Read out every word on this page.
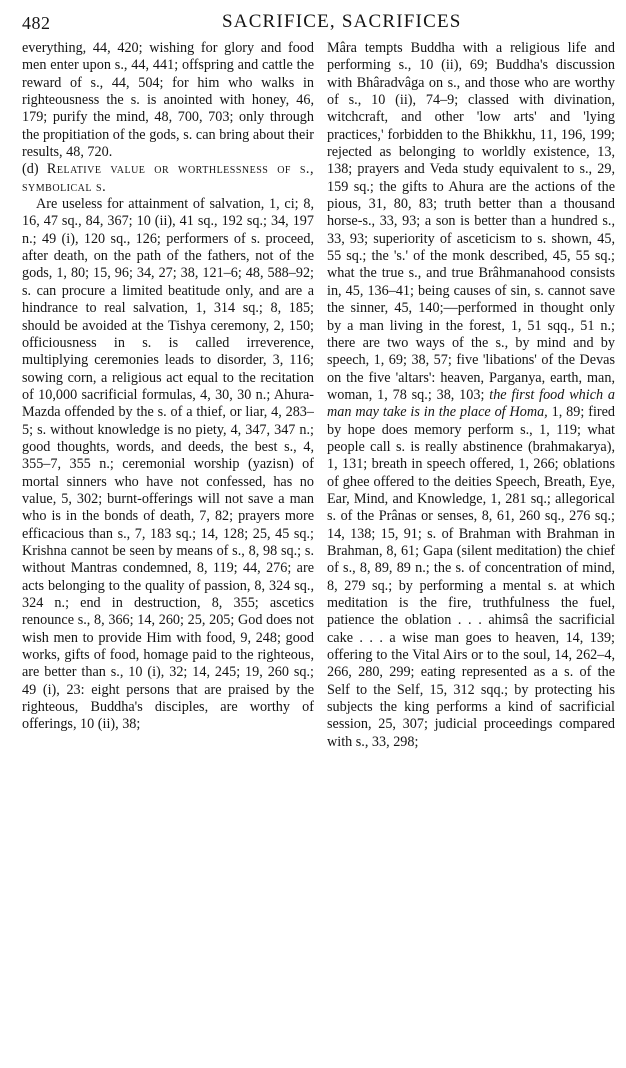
482	SACRIFICE, SACRIFICES

everything, 44, 420; wishing for glory and food men enter upon s., 44, 441; offspring and cattle the reward of s., 44, 504; for him who walks in righteousness the s. is anointed with honey, 46, 179; purify the mind, 48, 700, 703; only through the propitiation of the gods, s. can bring about their results, 48, 720.

(d) Relative value or worthlessness of s., symbolical s.

Are useless for attainment of salvation, 1, ci; 8, 16, 47 sq., 84, 367; 10 (ii), 41 sq., 192 sq.; 34, 197 n.; 49 (i), 120 sq., 126; performers of s. proceed, after death, on the path of the fathers, not of the gods, 1, 80; 15, 96; 34, 27; 38, 121–6; 48, 588–92; s. can procure a limited beatitude only, and are a hindrance to real salvation, 1, 314 sq.; 8, 185; should be avoided at the Tishya ceremony, 2, 150; officiousness in s. is called irreverence, multiplying ceremonies leads to disorder, 3, 116; sowing corn, a religious act equal to the recitation of 10,000 sacrificial formulas, 4, 30, 30 n.; Ahura-Mazda offended by the s. of a thief, or liar, 4, 283–5; s. without knowledge is no piety, 4, 347, 347 n.; good thoughts, words, and deeds, the best s., 4, 355–7, 355 n.; ceremonial worship (yazisn) of mortal sinners who have not confessed, has no value, 5, 302; burnt-offerings will not save a man who is in the bonds of death, 7, 82; prayers more efficacious than s., 7, 183 sq.; 14, 128; 25, 45 sq.; Krishna cannot be seen by means of s., 8, 98 sq.; s. without Mantras condemned, 8, 119; 44, 276; are acts belonging to the quality of passion, 8, 324 sq., 324 n.; end in destruction, 8, 355; ascetics renounce s., 8, 366; 14, 260; 25, 205; God does not wish men to provide Him with food, 9, 248; good works, gifts of food, homage paid to the righteous, are better than s., 10 (i), 32; 14, 245; 19, 260 sq.; 49 (i), 23: eight persons that are praised by the righteous, Buddha's disciples, are worthy of offerings, 10 (ii), 38;

Mâra tempts Buddha with a religious life and performing s., 10 (ii), 69; Buddha's discussion with Bhâradvâga on s., and those who are worthy of s., 10 (ii), 74–9; classed with divination, witchcraft, and other 'low arts' and 'lying practices,' forbidden to the Bhikkhu, 11, 196, 199; rejected as belonging to worldly existence, 13, 138; prayers and Veda study equivalent to s., 29, 159 sq.; the gifts to Ahura are the actions of the pious, 31, 80, 83; truth better than a thousand horse-s., 33, 93; a son is better than a hundred s., 33, 93; superiority of asceticism to s. shown, 45, 55 sq.; the 's.' of the monk described, 45, 55 sq.; what the true s., and true Brâhmanahood consists in, 45, 136–41; being causes of sin, s. cannot save the sinner, 45, 140;—performed in thought only by a man living in the forest, 1, 51 sqq., 51 n.; there are two ways of the s., by mind and by speech, 1, 69; 38, 57; five 'libations' of the Devas on the five 'altars': heaven, Parganya, earth, man, woman, 1, 78 sq.; 38, 103; the first food which a man may take is in the place of Homa, 1, 89; fired by hope does memory perform s., 1, 119; what people call s. is really abstinence (brahmakarya), 1, 131; breath in speech offered, 1, 266; oblations of ghee offered to the deities Speech, Breath, Eye, Ear, Mind, and Knowledge, 1, 281 sq.; allegorical s. of the Prânas or senses, 8, 61, 260 sq., 276 sq.; 14, 138; 15, 91; s. of Brahman with Brahman in Brahman, 8, 61; Gapa (silent meditation) the chief of s., 8, 89, 89 n.; the s. of concentration of mind, 8, 279 sq.; by performing a mental s. at which meditation is the fire, truthfulness the fuel, patience the oblation . . . ahimsâ the sacrificial cake . . . a wise man goes to heaven, 14, 139; offering to the Vital Airs or to the soul, 14, 262–4, 266, 280, 299; eating represented as a s. of the Self to the Self, 15, 312 sqq.; by protecting his subjects the king performs a kind of sacrificial session, 25, 307; judicial proceedings compared with s., 33, 298;
